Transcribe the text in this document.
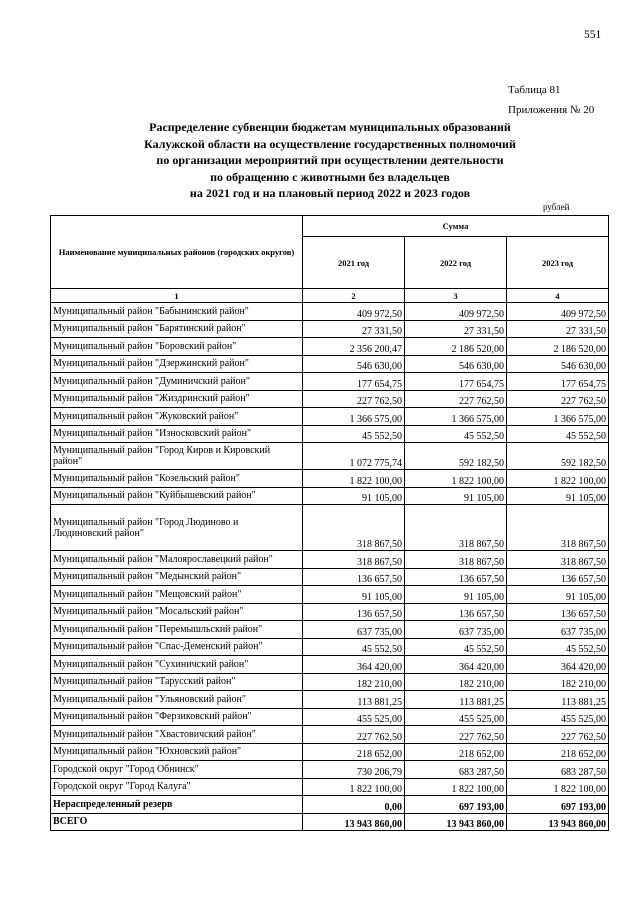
551
Таблица 81
Приложения № 20
Распределение субвенции бюджетам муниципальных образований
Калужской области на осуществление государственных полномочий
по организации мероприятий при осуществлении деятельности
по обращению с животными без владельцев
на 2021 год и на плановый период 2022 и 2023 годов
рублей
Наименование муниципальных районов (городских округов)	Сумма		
	2021 год	2022 год	2023 год
1	2	3	4
Муниципальный район "Бабынинский район"	409 972,50	409 972,50	409 972,50
Муниципальный район "Барятинский район"	27 331,50	27 331,50	27 331,50
Муниципальный район "Боровский район"	2 356 200,47	2 186 520,00	2 186 520,00
Муниципальный район "Дзержинский район"	546 630,00	546 630,00	546 630,00
Муниципальный район "Думиничский район"	177 654,75	177 654,75	177 654,75
Муниципальный район "Жиздринский район"	227 762,50	227 762,50	227 762,50
Муниципальный район "Жуковский район"	1 366 575,00	1 366 575,00	1 366 575,00
Муниципальный район "Износковский район"	45 552,50	45 552,50	45 552,50
Муниципальный район "Город Киров и Кировский район"	1 072 775,74	592 182,50	592 182,50
Муниципальный район "Козельский район"	1 822 100,00	1 822 100,00	1 822 100,00
Муниципальный район "Куйбышевский район"	91 105,00	91 105,00	91 105,00
Муниципальный район "Город Людиново и Людиновский район"	318 867,50	318 867,50	318 867,50
Муниципальный район "Малоярославецкий район"	318 867,50	318 867,50	318 867,50
Муниципальный район "Медынский район"	136 657,50	136 657,50	136 657,50
Муниципальный район "Мещовский район"	91 105,00	91 105,00	91 105,00
Муниципальный район "Мосальский район"	136 657,50	136 657,50	136 657,50
Муниципальный район "Перемышльский район"	637 735,00	637 735,00	637 735,00
Муниципальный район "Спас-Деменский район"	45 552,50	45 552,50	45 552,50
Муниципальный район "Сухиничский район"	364 420,00	364 420,00	364 420,00
Муниципальный район "Тарусский район"	182 210,00	182 210,00	182 210,00
Муниципальный район "Ульяновский район"	113 881,25	113 881,25	113 881,25
Муниципальный район "Ферзиковский район"	455 525,00	455 525,00	455 525,00
Муниципальный район "Хвастовичский район"	227 762,50	227 762,50	227 762,50
Муниципальный район "Юхновский район"	218 652,00	218 652,00	218 652,00
Городской округ "Город Обнинск"	730 206,79	683 287,50	683 287,50
Городской округ "Город Калуга"	1 822 100,00	1 822 100,00	1 822 100,00
Нераспределенный резерв	0,00	697 193,00	697 193,00
ВСЕГО	13 943 860,00	13 943 860,00	13 943 860,00
